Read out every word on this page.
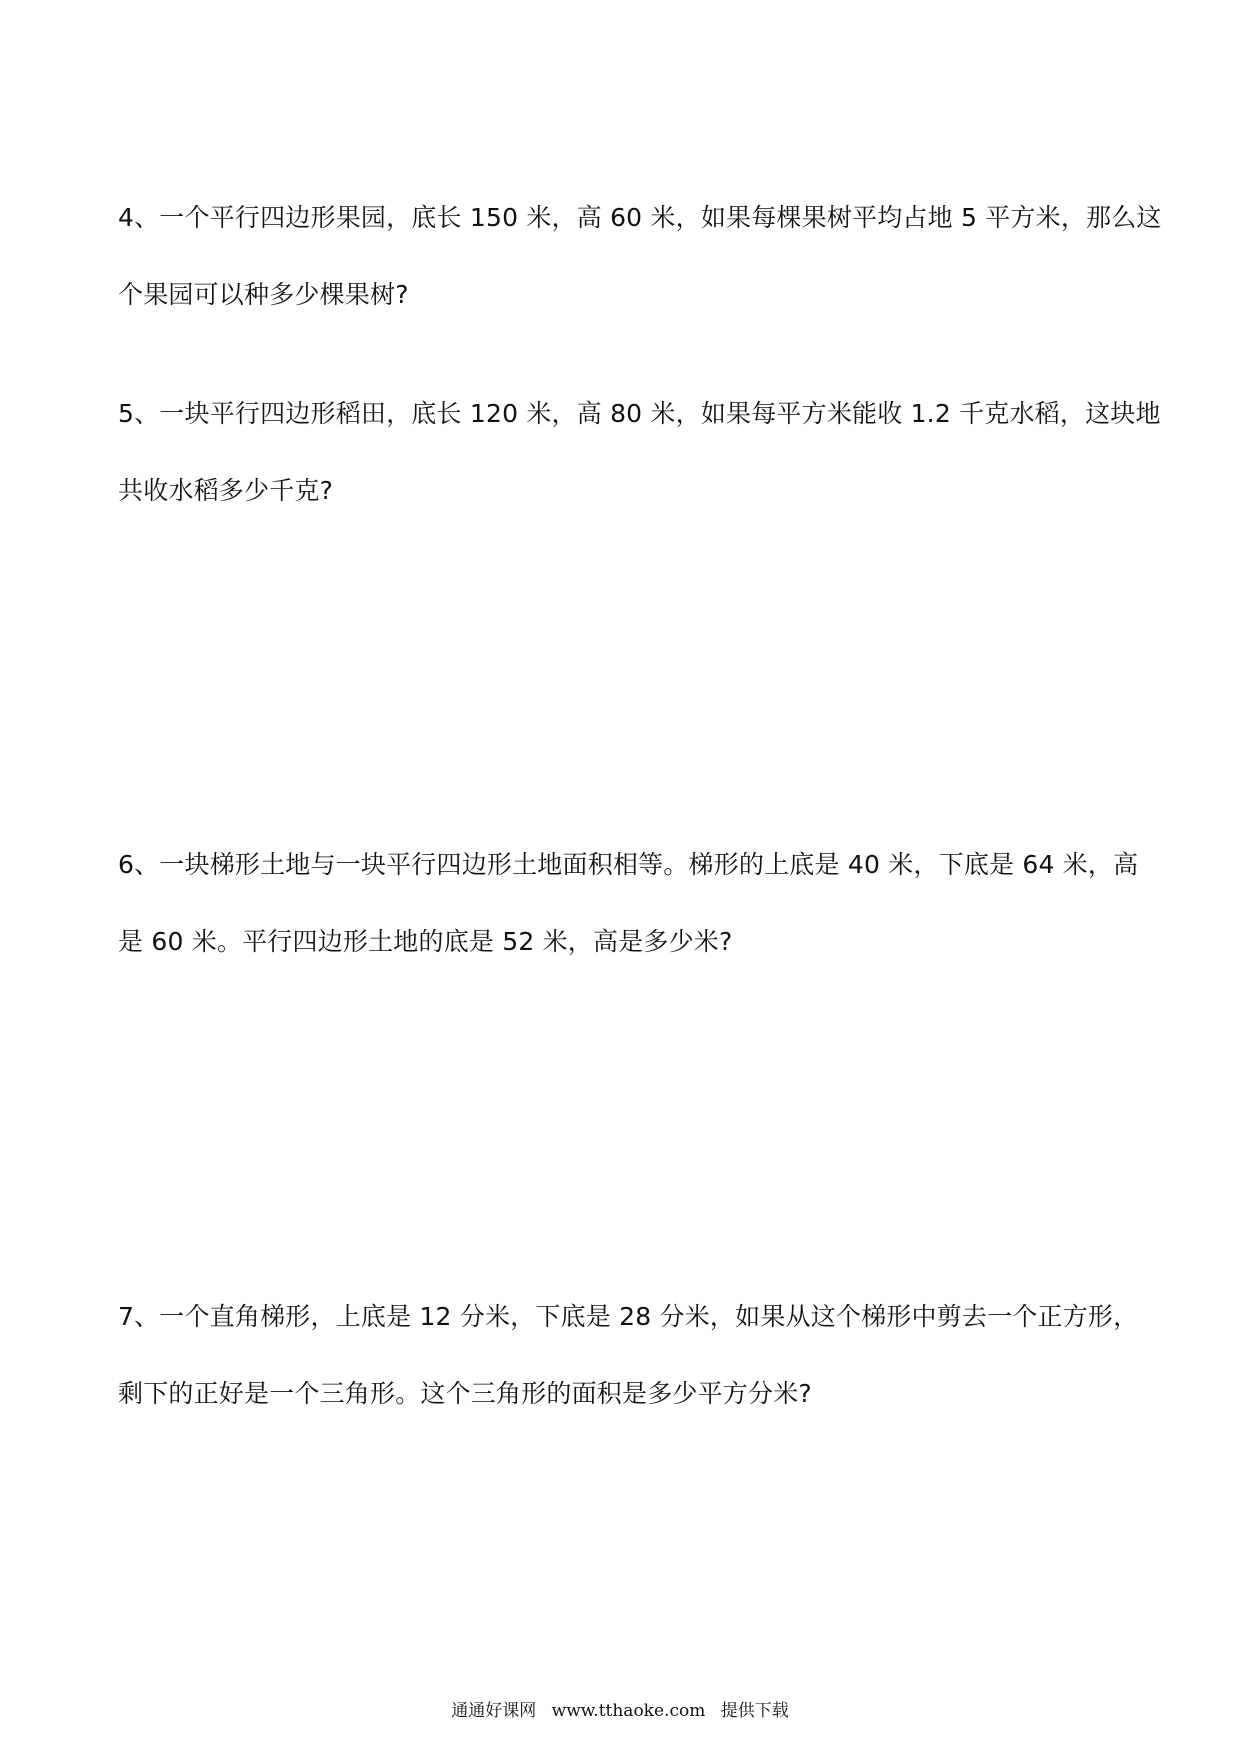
4、一个平行四边形果园，底长 150 米，高 60 米，如果每棵果树平均占地 5 平方米，那么这

个果园可以种多少棵果树?

5、一块平行四边形稻田，底长 120 米，高 80 米，如果每平方米能收 1.2 千克水稻，这块地

共收水稻多少千克?

6、一块梯形土地与一块平行四边形土地面积相等。梯形的上底是 40 米，下底是 64 米，高

是 60 米。平行四边形土地的底是 52 米，高是多少米?

7、一个直角梯形，上底是 12 分米，下底是 28 分米，如果从这个梯形中剪去一个正方形，

剩下的正好是一个三角形。这个三角形的面积是多少平方分米?

通通好课网 www.tthaoke.com 提供下载
